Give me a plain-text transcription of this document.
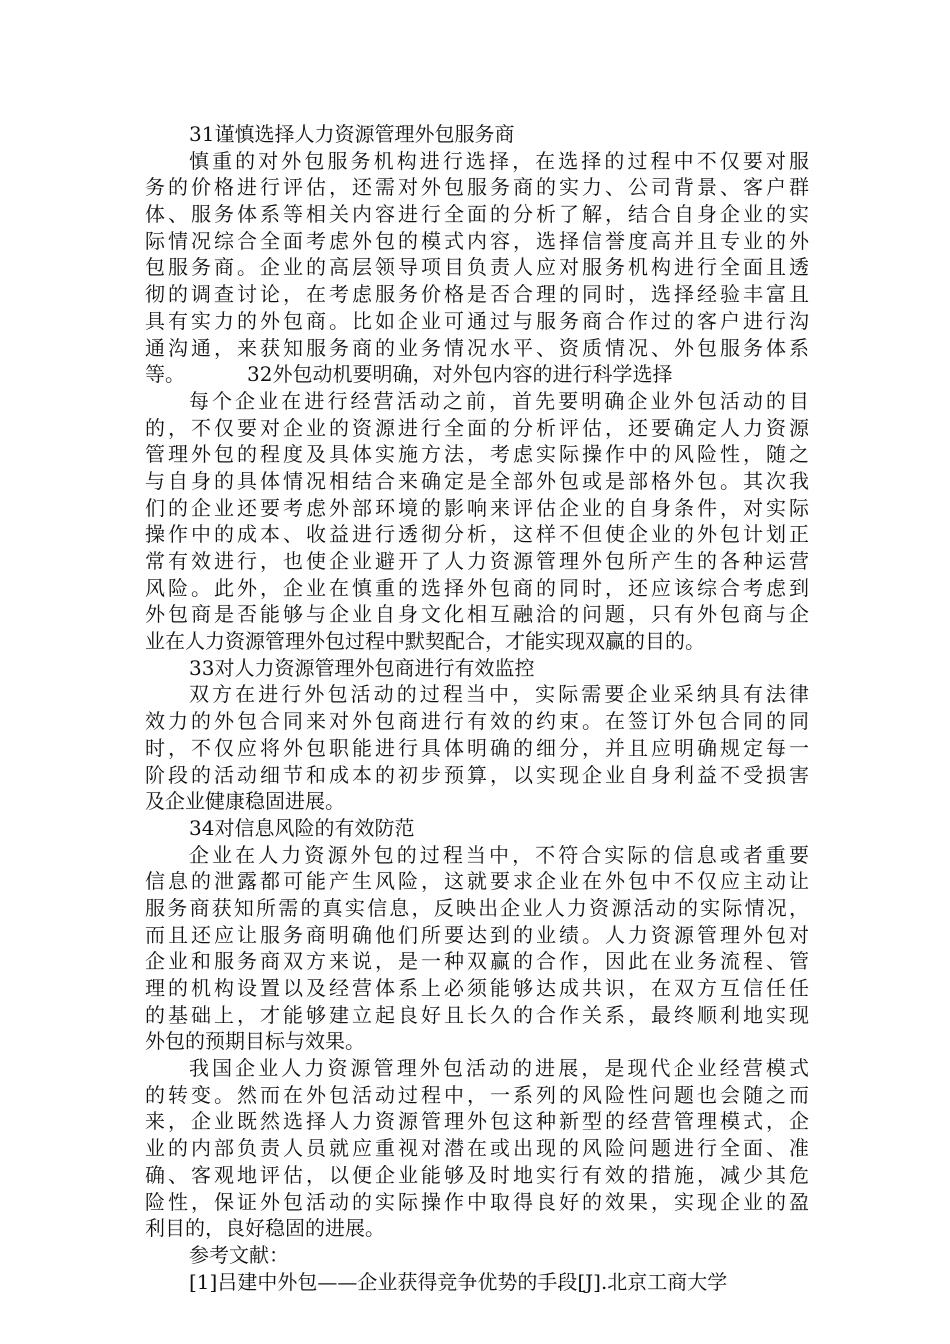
31谨慎选择人力资源管理外包服务商
慎重的对外包服务机构进行选择，在选择的过程中不仅要对服
务的价格进行评估，还需对外包服务商的实力、公司背景、客户群
体、服务体系等相关内容进行全面的分析了解，结合自身企业的实
际情况综合全面考虑外包的模式内容，选择信誉度高并且专业的外
包服务商。企业的高层领导项目负责人应对服务机构进行全面且透
彻的调查讨论，在考虑服务价格是否合理的同时，选择经验丰富且
具有实力的外包商。比如企业可通过与服务商合作过的客户进行沟
通沟通，来获知服务商的业务情况水平、资质情况、外包服务体系
等。	32外包动机要明确，对外包内容的进行科学选择
每个企业在进行经营活动之前，首先要明确企业外包活动的目
的，不仅要对企业的资源进行全面的分析评估，还要确定人力资源
管理外包的程度及具体实施方法，考虑实际操作中的风险性，随之
与自身的具体情况相结合来确定是全部外包或是部格外包。其次我
们的企业还要考虑外部环境的影响来评估企业的自身条件，对实际
操作中的成本、收益进行透彻分析，这样不但使企业的外包计划正
常有效进行，也使企业避开了人力资源管理外包所产生的各种运营
风险。此外，企业在慎重的选择外包商的同时，还应该综合考虑到
外包商是否能够与企业自身文化相互融洽的问题，只有外包商与企
业在人力资源管理外包过程中默契配合，才能实现双赢的目的。
33对人力资源管理外包商进行有效监控
双方在进行外包活动的过程当中，实际需要企业采纳具有法律
效力的外包合同来对外包商进行有效的约束。在签订外包合同的同
时，不仅应将外包职能进行具体明确的细分，并且应明确规定每一
阶段的活动细节和成本的初步预算，以实现企业自身利益不受损害
及企业健康稳固进展。
34对信息风险的有效防范
企业在人力资源外包的过程当中，不符合实际的信息或者重要
信息的泄露都可能产生风险，这就要求企业在外包中不仅应主动让
服务商获知所需的真实信息，反映出企业人力资源活动的实际情况，
而且还应让服务商明确他们所要达到的业绩。人力资源管理外包对
企业和服务商双方来说，是一种双赢的合作，因此在业务流程、管
理的机构设置以及经营体系上必须能够达成共识，在双方互信任任
的基础上，才能够建立起良好且长久的合作关系，最终顺利地实现
外包的预期目标与效果。
我国企业人力资源管理外包活动的进展，是现代企业经营模式
的转变。然而在外包活动过程中，一系列的风险性问题也会随之而
来，企业既然选择人力资源管理外包这种新型的经营管理模式，企
业的内部负责人员就应重视对潜在或出现的风险问题进行全面、准
确、客观地评估，以便企业能够及时地实行有效的措施，减少其危
险性，保证外包活动的实际操作中取得良好的效果，实现企业的盈
利目的，良好稳固的进展。
参考文献：
[1]吕建中外包——企业获得竞争优势的手段[J].北京工商大学
